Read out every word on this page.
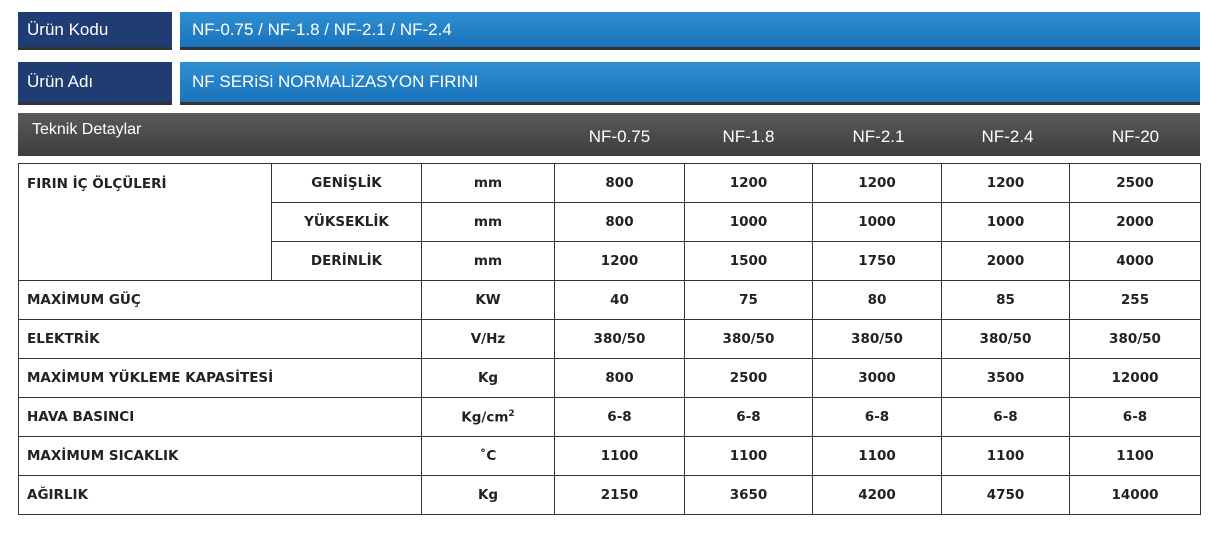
Ürün Kodu	NF-0.75 / NF-1.8 / NF-2.1 / NF-2.4
Ürün Adı	NF SERiSi NORMALiZASYON FIRINI
Teknik Detaylar	NF-0.75	NF-1.8	NF-2.1	NF-2.4	NF-20
FIRIN İÇ ÖLÇÜLERİ	GENİŞLİK	mm	800	1200	1200	1200	2500
	YÜKSEKLİK	mm	800	1000	1000	1000	2000
	DERİNLİK	mm	1200	1500	1750	2000	4000
MAXİMUM GÜÇ		KW	40	75	80	85	255
ELEKTRİK		V/Hz	380/50	380/50	380/50	380/50	380/50
MAXİMUM YÜKLEME KAPASİTESİ		Kg	800	2500	3000	3500	12000
HAVA BASINCI		$Kg/cm^2$	6-8	6-8	6-8	6-8	6-8
MAXİMUM SICAKLIK		˚C	1100	1100	1100	1100	1100
AĞIRLIK		Kg	2150	3650	4200	4750	14000
